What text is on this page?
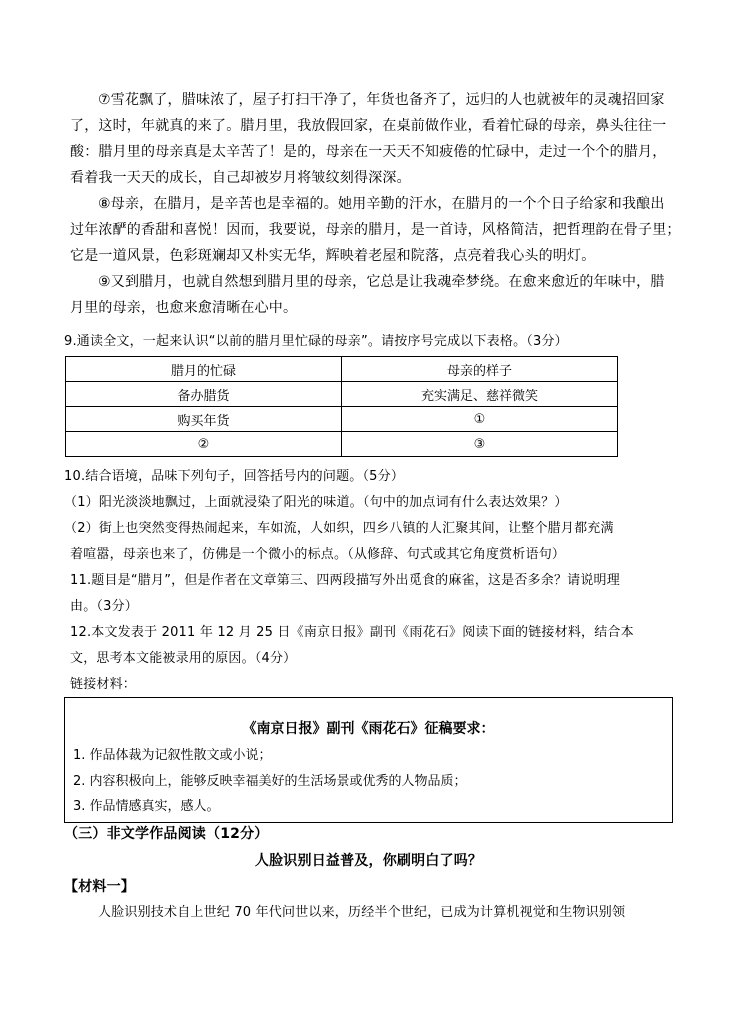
⑦雪花飘了，腊味浓了，屋子打扫干净了，年货也备齐了，远归的人也就被年的灵魂招回家
了，这时，年就真的来了。腊月里，我放假回家，在桌前做作业，看着忙碌的母亲，鼻头往往一
酸：腊月里的母亲真是太辛苦了！是的，母亲在一天天不知疲倦的忙碌中，走过一个个的腊月，
看着我一天天的成长，自己却被岁月将皱纹刻得深深。
⑧母亲，在腊月，是辛苦也是幸福的。她用辛勤的汗水，在腊月的一个个日子给家和我酿出
过年浓酽的香甜和喜悦！因而，我要说，母亲的腊月，是一首诗，风格简洁，把哲理韵在骨子里；
它是一道风景，色彩斑斓却又朴实无华，辉映着老屋和院落，点亮着我心头的明灯。
⑨又到腊月，也就自然想到腊月里的母亲，它总是让我魂牵梦绕。在愈来愈近的年味中，腊
月里的母亲，也愈来愈清晰在心中。
9.通读全文，一起来认识“以前的腊月里忙碌的母亲”。请按序号完成以下表格。（3分）
腊月的忙碌	母亲的样子
备办腊货	充实满足、慈祥微笑
购买年货	①
②	③
10.结合语境，品味下列句子，回答括号内的问题。（5分）
（1）阳光淡淡地飘过，上面就浸染了阳光的味道。（句中的加点词有什么表达效果？）
（2）街上也突然变得热闹起来，车如流，人如织，四乡八镇的人汇聚其间，让整个腊月都充满
着喧嚣，母亲也来了，仿佛是一个微小的标点。（从修辞、句式或其它角度赏析语句）
11.题目是“腊月”，但是作者在文章第三、四两段描写外出觅食的麻雀，这是否多余？请说明理
由。（3分）
12.本文发表于 2011 年 12 月 25 日《南京日报》副刊《雨花石》阅读下面的链接材料，结合本
文，思考本文能被录用的原因。（4分）
链接材料：
《南京日报》副刊《雨花石》征稿要求：
1. 作品体裁为记叙性散文或小说；
2. 内容积极向上，能够反映幸福美好的生活场景或优秀的人物品质；
3. 作品情感真实，感人。
（三）非文学作品阅读（12分）
人脸识别日益普及，你刷明白了吗？
【材料一】
人脸识别技术自上世纪 70 年代问世以来，历经半个世纪，已成为计算机视觉和生物识别领
